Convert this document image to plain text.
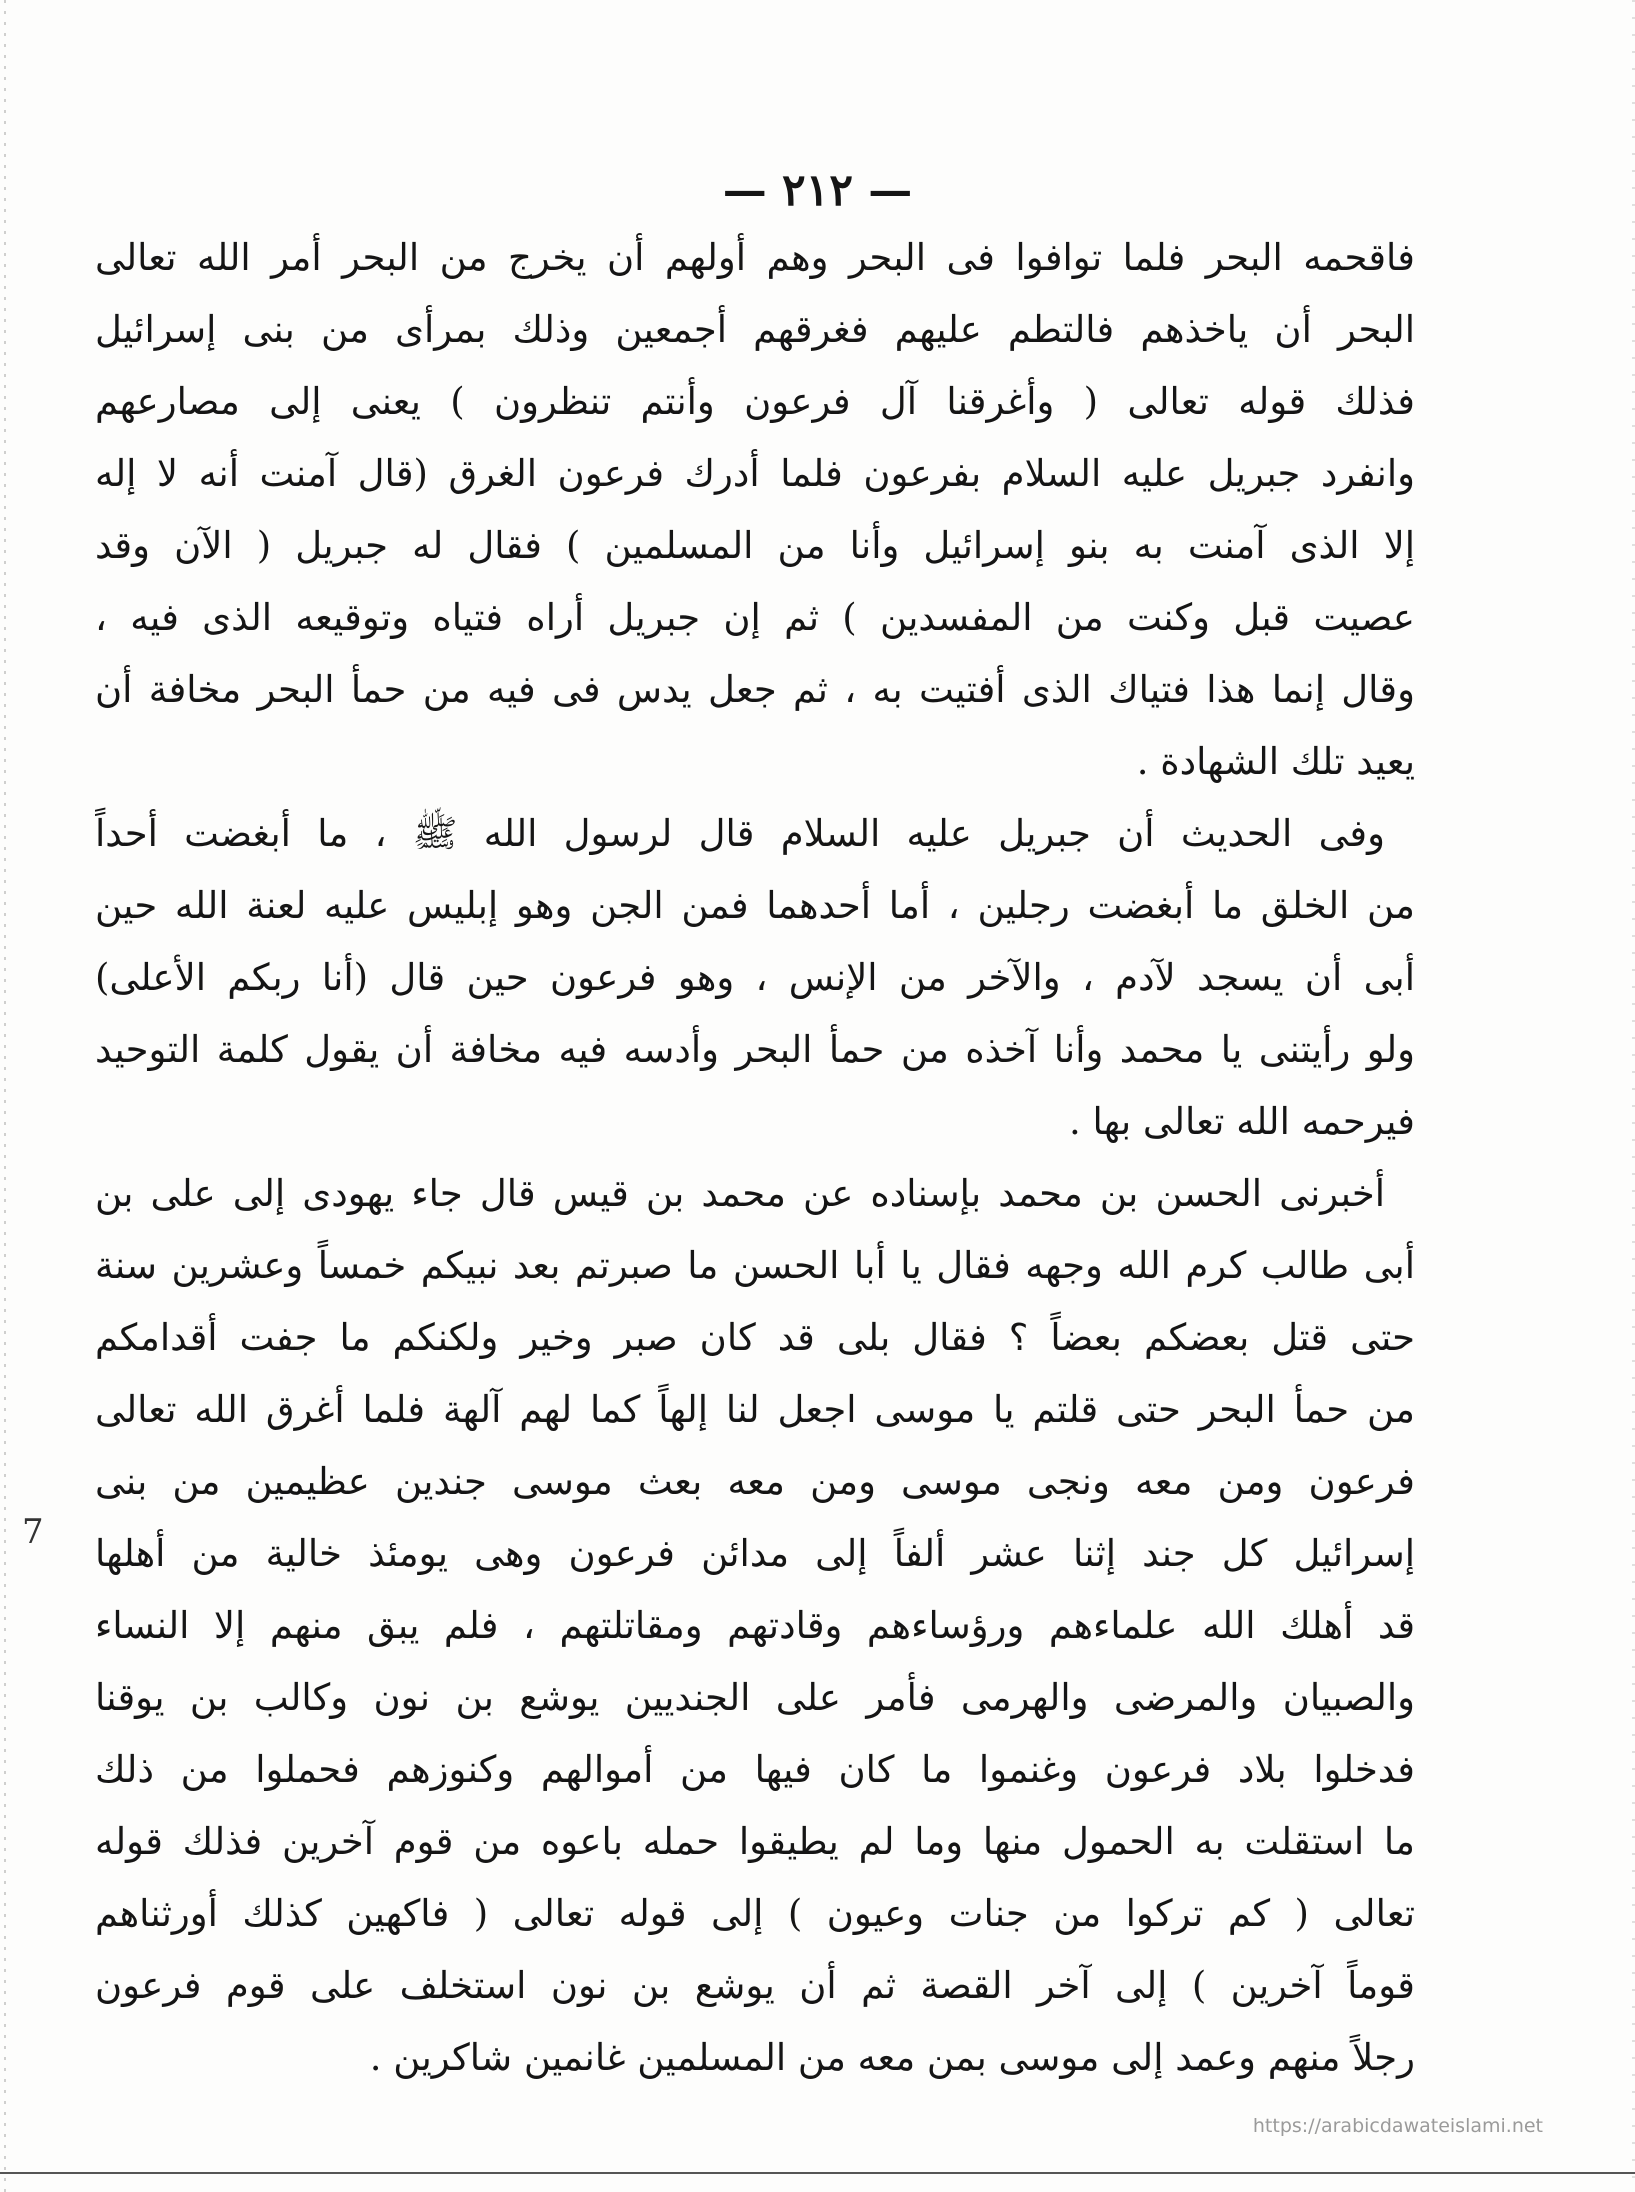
— ٢١٢ —
فاقحمه البحر فلما توافوا فى البحر وهم أولهم أن يخرج من البحر أمر الله تعالى
البحر أن ياخذهم فالتطم عليهم فغرقهم أجمعين وذلك بمرأى من بنى إسرائيل
فذلك قوله تعالى ( وأغرقنا آل فرعون وأنتم تنظرون ) يعنى إلى مصارعهم
وانفرد جبريل عليه السلام بفرعون فلما أدرك فرعون الغرق (قال آمنت أنه لا إله
إلا الذى آمنت به بنو إسرائيل وأنا من المسلمين ) فقال له جبريل ( الآن وقد
عصيت قبل وكنت من المفسدين ) ثم إن جبريل أراه فتياه وتوقيعه الذى فيه ،
وقال إنما هذا فتياك الذى أفتيت به ، ثم جعل يدس فى فيه من حمأ البحر مخافة أن
يعيد تلك الشهادة .
وفى الحديث أن جبريل عليه السلام قال لرسول الله ﷺ ، ما أبغضت أحداً
من الخلق ما أبغضت رجلين ، أما أحدهما فمن الجن وهو إبليس عليه لعنة الله حين
أبى أن يسجد لآدم ، والآخر من الإنس ، وهو فرعون حين قال (أنا ربكم الأعلى)
ولو رأيتنى يا محمد وأنا آخذه من حمأ البحر وأدسه فيه مخافة أن يقول كلمة التوحيد
فيرحمه الله تعالى بها .
أخبرنى الحسن بن محمد بإسناده عن محمد بن قيس قال جاء يهودى إلى على بن
أبى طالب كرم الله وجهه فقال يا أبا الحسن ما صبرتم بعد نبيكم خمساً وعشرين سنة
حتى قتل بعضكم بعضاً ؟ فقال بلى قد كان صبر وخير ولكنكم ما جفت أقدامكم
من حمأ البحر حتى قلتم يا موسى اجعل لنا إلهاً كما لهم آلهة فلما أغرق الله تعالى
فرعون ومن معه ونجى موسى ومن معه بعث موسى جندين عظيمين من بنى
إسرائيل كل جند إثنا عشر ألفاً إلى مدائن فرعون وهى يومئذ خالية من أهلها
قد أهلك الله علماءهم ورؤساءهم وقادتهم ومقاتلتهم ، فلم يبق منهم إلا النساء
والصبيان والمرضى والهرمى فأمر على الجنديين يوشع بن نون وكالب بن يوقنا
فدخلوا بلاد فرعون وغنموا ما كان فيها من أموالهم وكنوزهم فحملوا من ذلك
ما استقلت به الحمول منها وما لم يطيقوا حمله باعوه من قوم آخرين فذلك قوله
تعالى ( كم تركوا من جنات وعيون ) إلى قوله تعالى ( فاكهين كذلك أورثناهم
قوماً آخرين ) إلى آخر القصة ثم أن يوشع بن نون استخلف على قوم فرعون
رجلاً منهم وعمد إلى موسى بمن معه من المسلمين غانمين شاكرين .
7
https://arabicdawateislami.net
